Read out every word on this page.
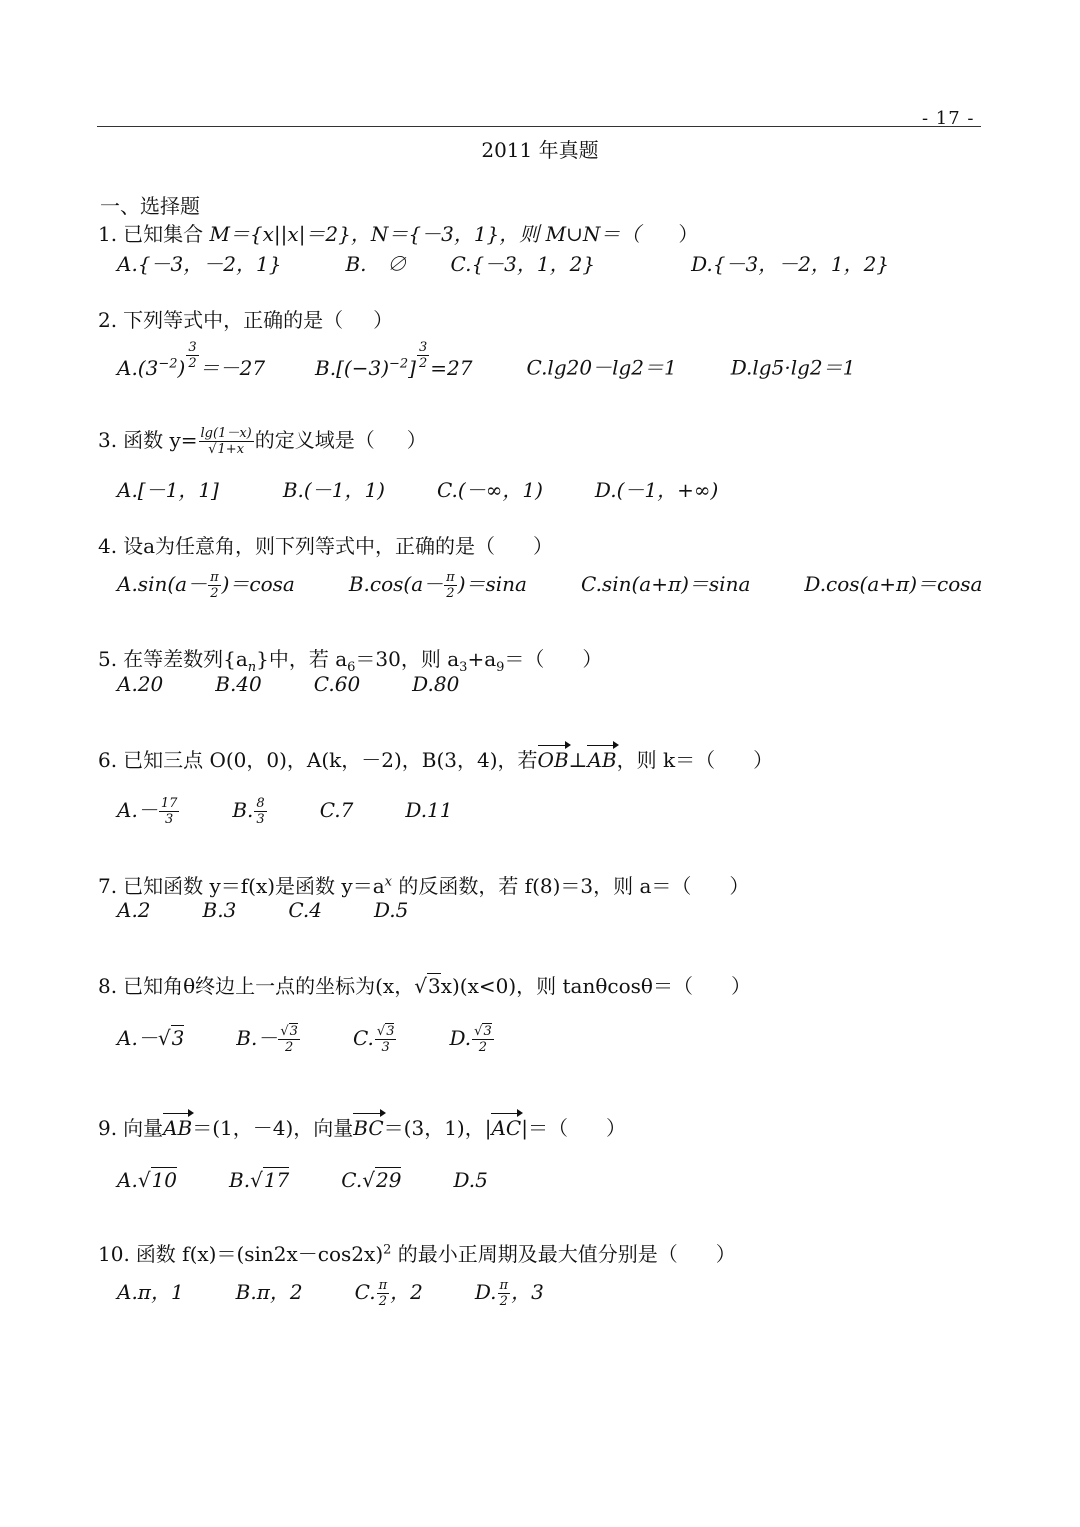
- 17 -
2011 年真题
一、选择题
1. 已知集合 M＝{x||x|＝2}，N＝{－3，1}，则 M∪N＝（ ）
A.{－3，－2，1}	B.　∅ C.{－3，1，2}	D.{－3，－2，1，2}
2. 下列等式中，正确的是（ ）
$A.(3^{-2}) \frac{3}{2} =-27$	$B.[(-3)^{-2}] \frac{3}{2} =27$	C.lg20－lg2＝1	D.lg5·lg2＝1
3. 函数 $y= \frac{\lg(1-x)}{√1+x}$ 的定义域是（ ）
A.[－1，1]	B.(－1，1)	C.(－∞，1)	D.(－1，+∞)
4. 设a为任意角，则下列等式中，正确的是（ ）
$A.\sin(a- \frac{\pi}{2} )=\cos a$	$B.\cos(a- \frac{\pi}{2} )=\sin a$	C.sin(a+π)＝sina	D.cos(a+π)＝cosa
5. 在等差数列$\{a_n\}$中，若 $a_6=30$，则 $a_3+a_9=$（ ）
A.20	B.40	C.60	D.80
6. 已知三点 O(0，0)，A(k，－2)，B(3，4)，若OB⊥AB，则 k＝（ ）
$A.- \frac{17}{3}$	B. $\frac{8}{3}$	C.7	D.11
7. 已知函数 y＝f(x)是函数 $y=a^x$ 的反函数，若 f(8)＝3，则 a＝（ ）
A.2	B.3	C.4	D.5
8. 已知角θ终边上一点的坐标为(x，√3x)(x<0)，则 tanθcosθ＝（ ）
A.－√3	$B.- \frac{√3}{2}$	C. $\frac{√3}{3}$	D. $\frac{√3}{2}$
9. 向量AB＝(1，－4)，向量BC＝(3，1)，|AC|＝（ ）
A.√10	B.√17	C.√29	D.5
10. 函数 $f(x)=(\sin 2x-\cos 2x)^2$ 的最小正周期及最大值分别是（ ）
A.π，1	B.π，2	C. $\frac{\pi}{2}$ ，2	D. $\frac{\pi}{2}$ ，3
